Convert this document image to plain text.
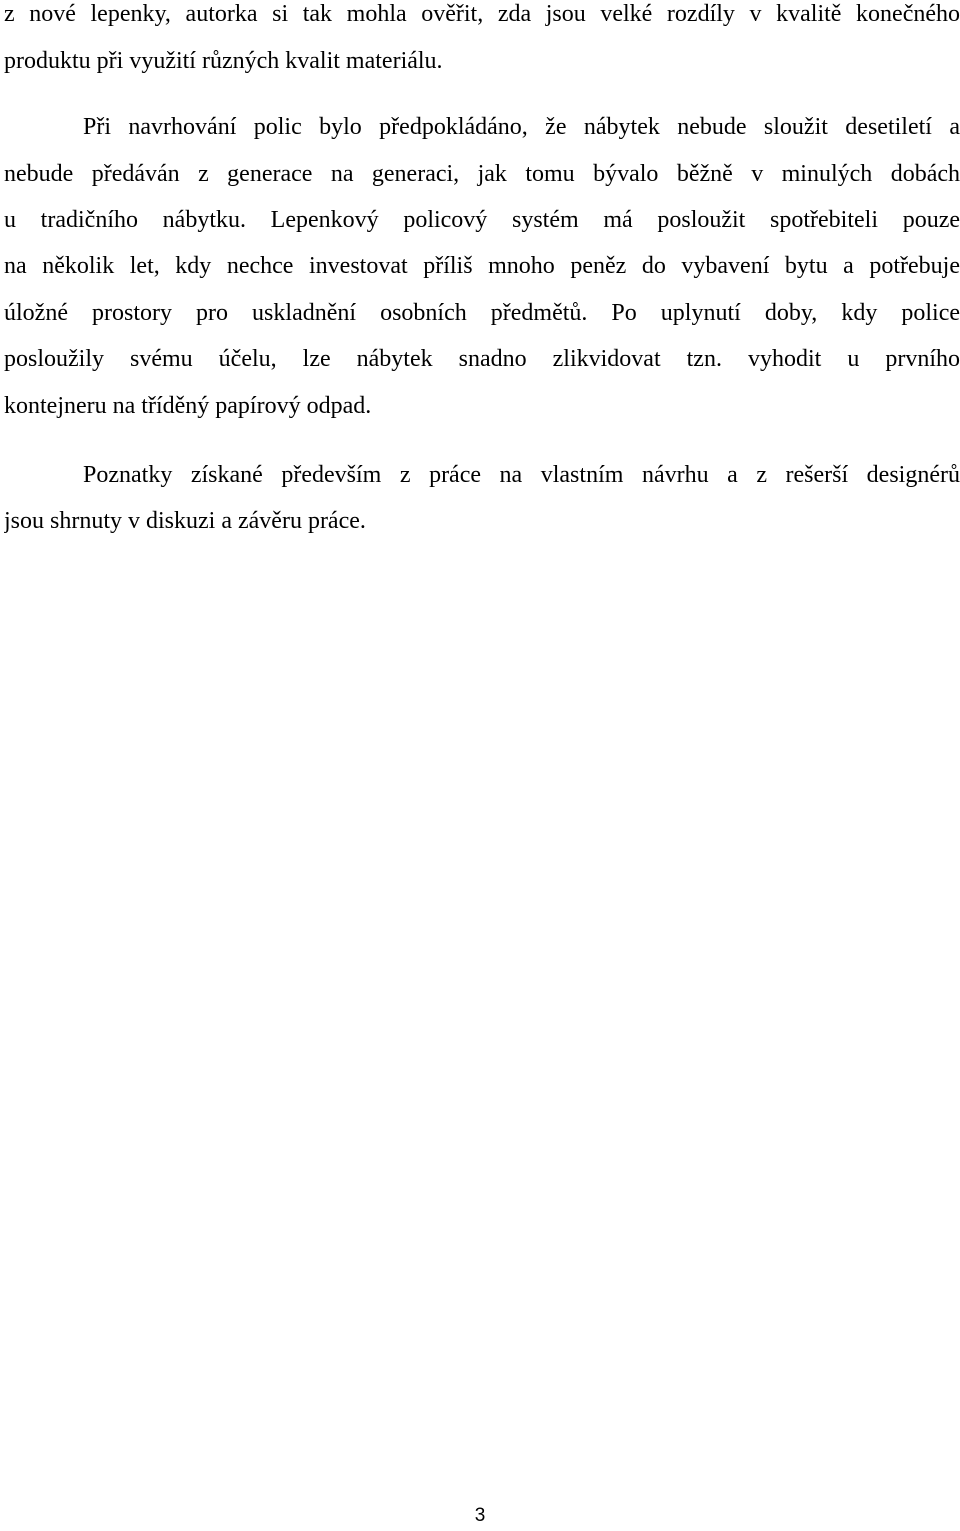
z nové lepenky, autorka si tak mohla ověřit, zda jsou velké rozdíly v kvalitě konečného
produktu při využití různých kvalit materiálu.
Při navrhování polic bylo předpokládáno, že nábytek nebude sloužit desetiletí a
nebude předáván z generace na generaci, jak tomu bývalo běžně v minulých dobách
u tradičního nábytku. Lepenkový policový systém má posloužit spotřebiteli pouze
na několik let, kdy nechce investovat příliš mnoho peněz do vybavení bytu a potřebuje
úložné prostory pro uskladnění osobních předmětů. Po uplynutí doby, kdy police
posloužily svému účelu, lze nábytek snadno zlikvidovat tzn. vyhodit u prvního
kontejneru na tříděný papírový odpad.
Poznatky získané především z práce na vlastním návrhu a z rešerší designérů
jsou shrnuty v diskuzi a závěru práce.
3
